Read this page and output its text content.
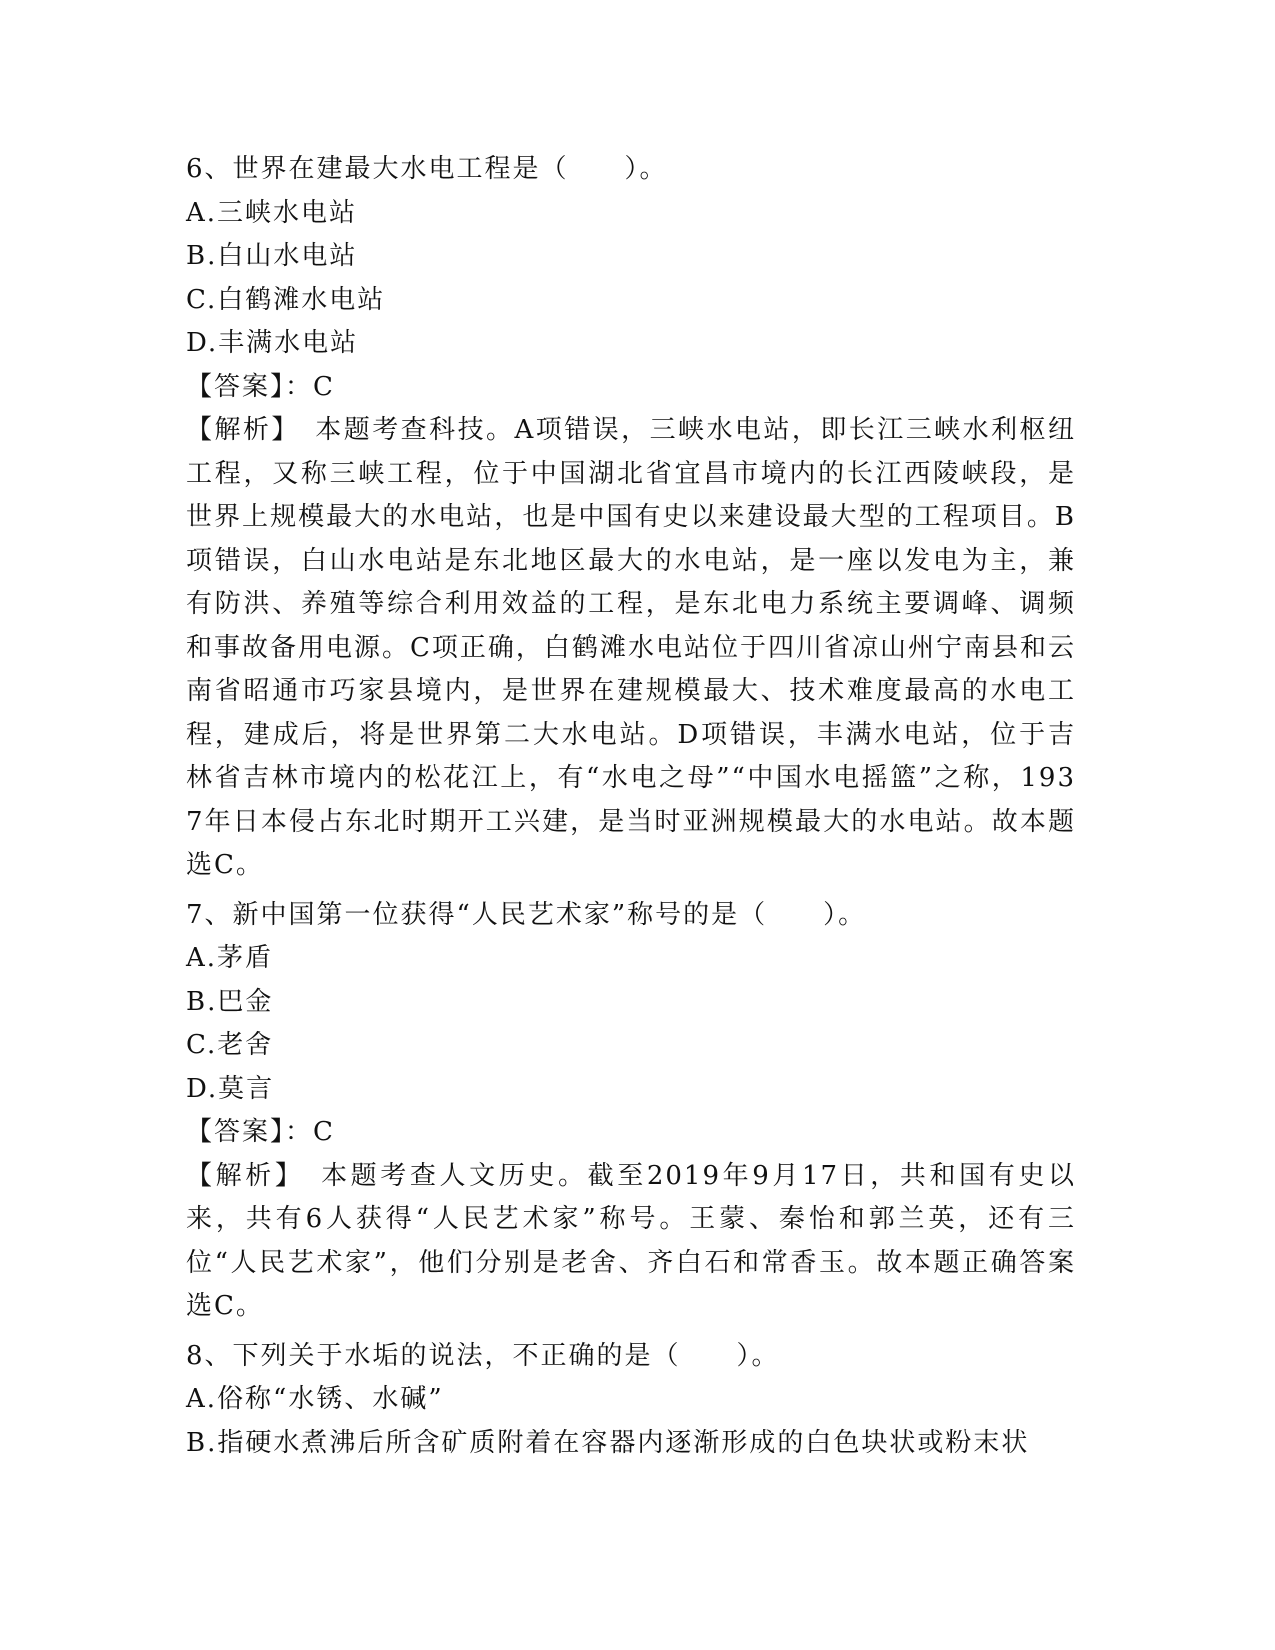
6、世界在建最大水电工程是（　　）。
A.三峡水电站
B.白山水电站
C.白鹤滩水电站
D.丰满水电站
【答案】：C
【解析】　本题考查科技。A项错误，三峡水电站，即长江三峡水利枢纽工程，又称三峡工程，位于中国湖北省宜昌市境内的长江西陵峡段，是世界上规模最大的水电站，也是中国有史以来建设最大型的工程项目。B项错误，白山水电站是东北地区最大的水电站，是一座以发电为主，兼有防洪、养殖等综合利用效益的工程，是东北电力系统主要调峰、调频和事故备用电源。C项正确，白鹤滩水电站位于四川省凉山州宁南县和云南省昭通市巧家县境内，是世界在建规模最大、技术难度最高的水电工程，建成后，将是世界第二大水电站。D项错误，丰满水电站，位于吉林省吉林市境内的松花江上，有“水电之母”“中国水电摇篮”之称，1937年日本侵占东北时期开工兴建，是当时亚洲规模最大的水电站。故本题选C。
7、新中国第一位获得“人民艺术家”称号的是（　　）。
A.茅盾
B.巴金
C.老舍
D.莫言
【答案】：C
【解析】　本题考查人文历史。截至2019年9月17日，共和国有史以来，共有6人获得“人民艺术家”称号。王蒙、秦怡和郭兰英，还有三位“人民艺术家”，他们分别是老舍、齐白石和常香玉。故本题正确答案选C。
8、下列关于水垢的说法，不正确的是（　　）。
A.俗称“水锈、水碱”
B.指硬水煮沸后所含矿质附着在容器内逐渐形成的白色块状或粉末状
